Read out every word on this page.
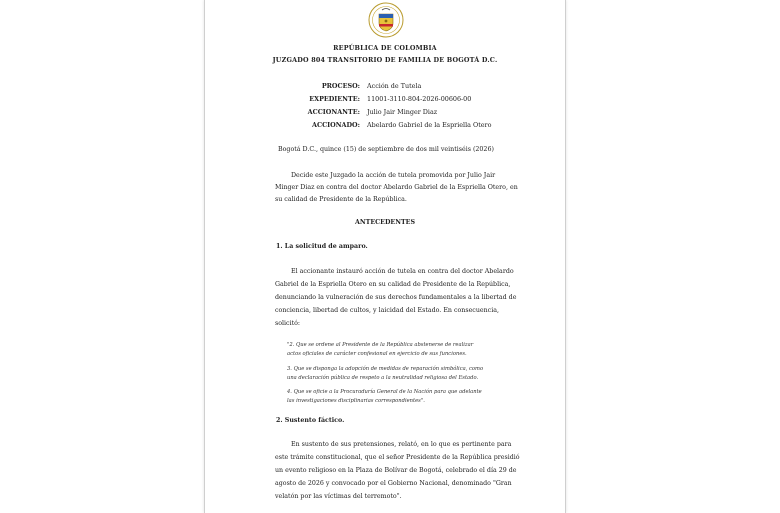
REPÚBLICA DE COLOMBIA
JUZGADO 804 TRANSITORIO DE FAMILIA DE BOGOTÁ D.C.
PROCESO: Acción de Tutela
EXPEDIENTE: 11001-3110-804-2026-00606-00
ACCIONANTE: Julio Jair Minger Diaz
ACCIONADO: Abelardo Gabriel de la Espriella Otero
Bogotá D.C., quince (15) de septiembre de dos mil veintiséis (2026)
Decide este Juzgado la acción de tutela promovida por Julio Jair
Minger Diaz en contra del doctor Abelardo Gabriel de la Espriella Otero, en
su calidad de Presidente de la República.
ANTECEDENTES
1. La solicitud de amparo.
El accionante instauró acción de tutela en contra del doctor Abelardo
Gabriel de la Espriella Otero en su calidad de Presidente de la República,
denunciando la vulneración de sus derechos fundamentales a la libertad de
conciencia, libertad de cultos, y laicidad del Estado. En consecuencia,
solicitó:
"2. Que se ordene al Presidente de la República abstenerse de realizar
actos oficiales de carácter confesional en ejercicio de sus funciones.
3. Que se disponga la adopción de medidas de reparación simbólica, como
una declaración pública de respeto a la neutralidad religiosa del Estado.
4. Que se oficie a la Procuraduría General de la Nación para que adelante
las investigaciones disciplinarias correspondientes".
2. Sustento fáctico.
En sustento de sus pretensiones, relató, en lo que es pertinente para
este trámite constitucional, que el señor Presidente de la República presidió
un evento religioso en la Plaza de Bolívar de Bogotá, celebrado el día 29 de
agosto de 2026 y convocado por el Gobierno Nacional, denominado "Gran
velatón por las víctimas del terremoto".
